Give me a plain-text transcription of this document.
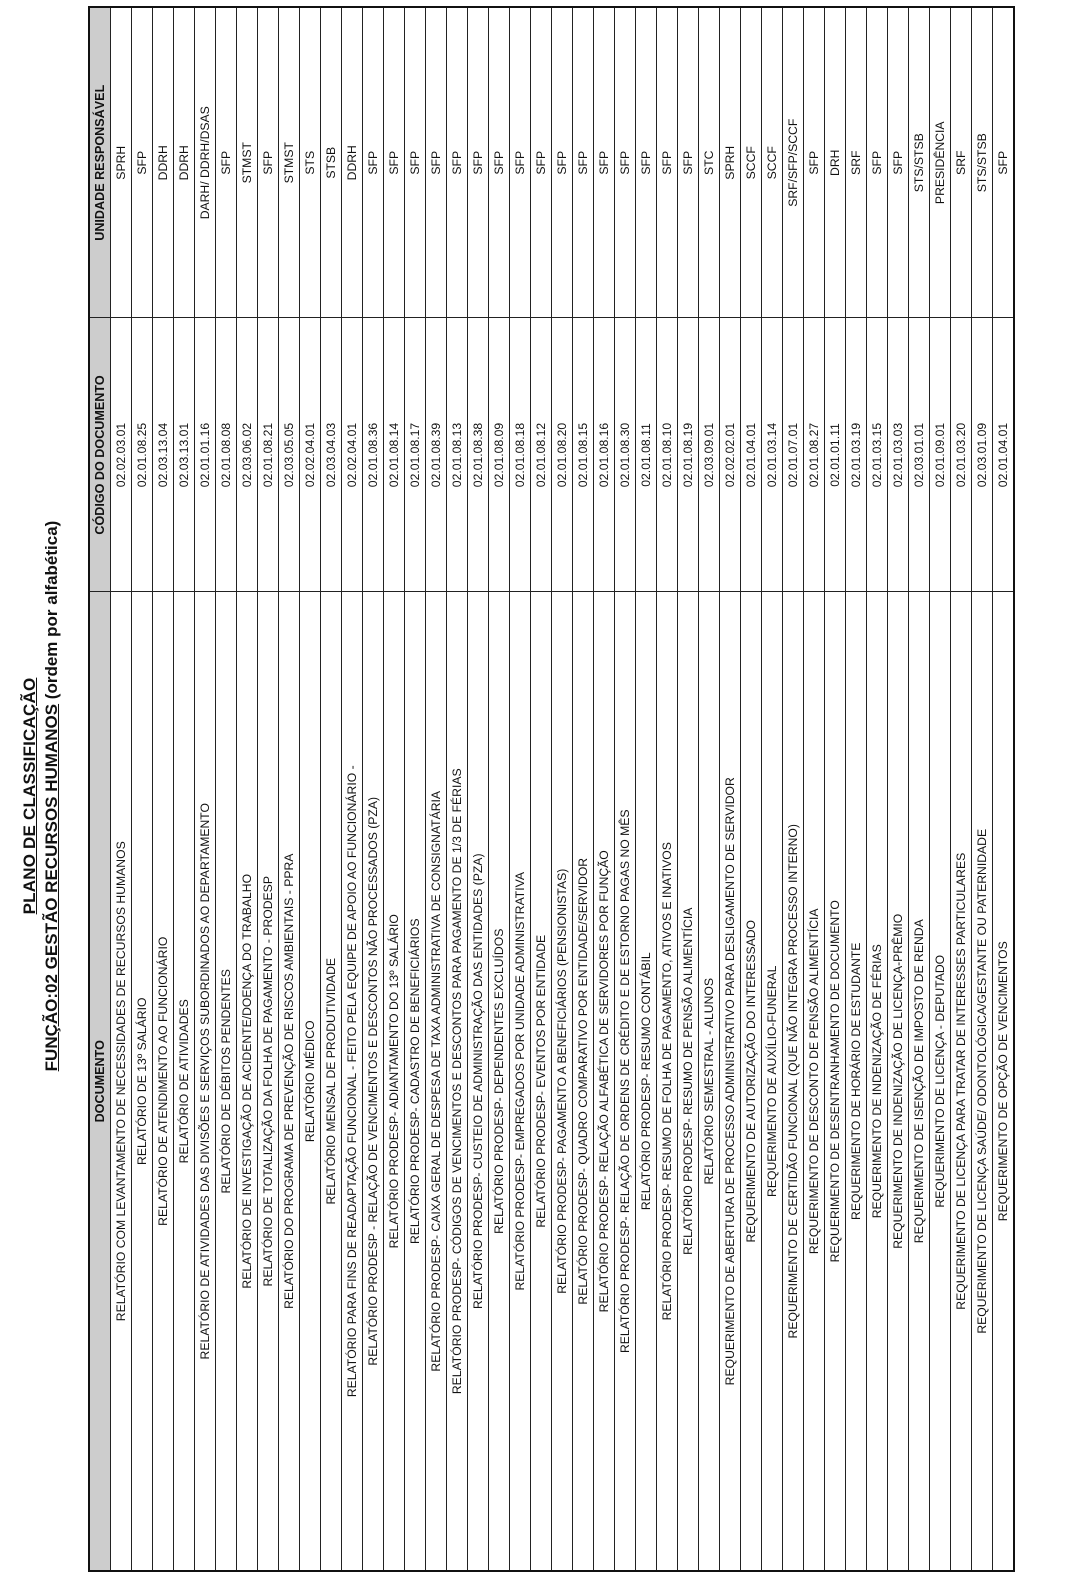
PLANO DE CLASSIFICAÇÃO FUNÇÃO:02 GESTÃO RECURSOS HUMANOS (ordem por alfabética)
DOCUMENTO	CÓDIGO DO DOCUMENTO	UNIDADE RESPONSÁVEL
RELATÓRIO COM LEVANTAMENTO DE NECESSIDADES DE RECURSOS HUMANOS	02.02.03.01	SPRH
RELATÓRIO DE 13º SALÁRIO	02.01.08.25	SFP
RELATÓRIO DE ATENDIMENTO AO FUNCIONÁRIO	02.03.13.04	DDRH
RELATÓRIO DE ATIVIDADES	02.03.13.01	DDRH
RELATÓRIO DE ATIVIDADES DAS DIVISÕES E SERVIÇOS SUBORDINADOS AO DEPARTAMENTO	02.01.01.16	DARH/ DDRH/DSAS
RELATÓRIO DE DÉBITOS PENDENTES	02.01.08.08	SFP
RELATÓRIO DE INVESTIGAÇÃO DE ACIDENTE/DOENÇA DO TRABALHO	02.03.06.02	STMST
RELATÓRIO DE TOTALIZAÇÃO DA FOLHA DE PAGAMENTO - PRODESP	02.01.08.21	SFP
RELATÓRIO DO PROGRAMA DE PREVENÇÃO DE RISCOS AMBIENTAIS - PPRA	02.03.05.05	STMST
RELATÓRIO MÉDICO	02.02.04.01	STS
RELATÓRIO MENSAL DE PRODUTIVIDADE	02.03.04.03	STSB
RELATÓRIO PARA FINS DE READAPTAÇÃO FUNCIONAL - FEITO PELA EQUIPE DE APOIO AO FUNCIONÁRIO -	02.02.04.01	DDRH
RELATÓRIO PRODESP - RELAÇÃO DE VENCIMENTOS E DESCONTOS NÃO PROCESSADOS (PZA)	02.01.08.36	SFP
RELATÓRIO PRODESP- ADIANTAMENTO DO 13º SALÁRIO	02.01.08.14	SFP
RELATÓRIO PRODESP- CADASTRO DE BENEFICIÁRIOS	02.01.08.17	SFP
RELATÓRIO PRODESP- CAIXA GERAL DE DESPESA DE TAXA ADMINISTRATIVA DE CONSIGNATÁRIA	02.01.08.39	SFP
RELATÓRIO PRODESP- CÓDIGOS DE VENCIMENTOS E DESCONTOS PARA PAGAMENTO DE 1/3 DE FÉRIAS	02.01.08.13	SFP
RELATÓRIO PRODESP- CUSTEIO DE ADMINISTRAÇÃO DAS ENTIDADES (PZA)	02.01.08.38	SFP
RELATÓRIO PRODESP- DEPENDENTES EXCLUÍDOS	02.01.08.09	SFP
RELATÓRIO PRODESP- EMPREGADOS POR UNIDADE ADMINISTRATIVA	02.01.08.18	SFP
RELATÓRIO PRODESP- EVENTOS POR ENTIDADE	02.01.08.12	SFP
RELATÓRIO PRODESP- PAGAMENTO A BENEFICIÁRIOS (PENSIONISTAS)	02.01.08.20	SFP
RELATÓRIO PRODESP- QUADRO COMPARATIVO POR ENTIDADE/SERVIDOR	02.01.08.15	SFP
RELATÓRIO PRODESP- RELAÇÃO ALFABÉTICA DE SERVIDORES POR FUNÇÃO	02.01.08.16	SFP
RELATÓRIO PRODESP- RELAÇÃO DE ORDENS DE CRÉDITO E DE ESTORNO PAGAS NO MÊS	02.01.08.30	SFP
RELATÓRIO PRODESP- RESUMO CONTÁBIL	02.01.08.11	SFP
RELATÓRIO PRODESP- RESUMO DE FOLHA DE PAGAMENTO, ATIVOS E INATIVOS	02.01.08.10	SFP
RELATÓRIO PRODESP- RESUMO DE PENSÃO ALIMENTÍCIA	02.01.08.19	SFP
RELATÓRIO SEMESTRAL - ALUNOS	02.03.09.01	STC
REQUERIMENTO DE ABERTURA DE PROCESSO ADMINISTRATIVO PARA DESLIGAMENTO DE SERVIDOR	02.02.02.01	SPRH
REQUERIMENTO DE AUTORIZAÇÃO DO INTERESSADO	02.01.04.01	SCCF
REQUERIMENTO DE AUXÍLIO-FUNERAL	02.01.03.14	SCCF
REQUERIMENTO DE CERTIDÃO FUNCIONAL (QUE NÃO INTEGRA PROCESSO INTERNO)	02.01.07.01	SRF/SFP/SCCF
REQUERIMENTO DE DESCONTO DE PENSÃO ALIMENTÍCIA	02.01.08.27	SFP
REQUERIMENTO DE DESENTRANHAMENTO DE DOCUMENTO	02.01.01.11	DRH
REQUERIMENTO DE HORÁRIO DE ESTUDANTE	02.01.03.19	SRF
REQUERIMENTO DE INDENIZAÇÃO DE FÉRIAS	02.01.03.15	SFP
REQUERIMENTO DE INDENIZAÇÃO DE LICENÇA-PRÊMIO	02.01.03.03	SFP
REQUERIMENTO DE ISENÇÃO DE IMPOSTO DE RENDA	02.03.01.01	STS/STSB
REQUERIMENTO DE LICENÇA - DEPUTADO	02.01.09.01	PRESIDÊNCIA
REQUERIMENTO DE LICENÇA PARA TRATAR DE INTERESSES PARTICULARES	02.01.03.20	SRF
REQUERIMENTO DE LICENÇA SAÚDE/ ODONTOLÓGICA/GESTANTE OU PATERNIDADE	02.03.01.09	STS/STSB
REQUERIMENTO DE OPÇÃO DE VENCIMENTOS	02.01.04.01	SFP
